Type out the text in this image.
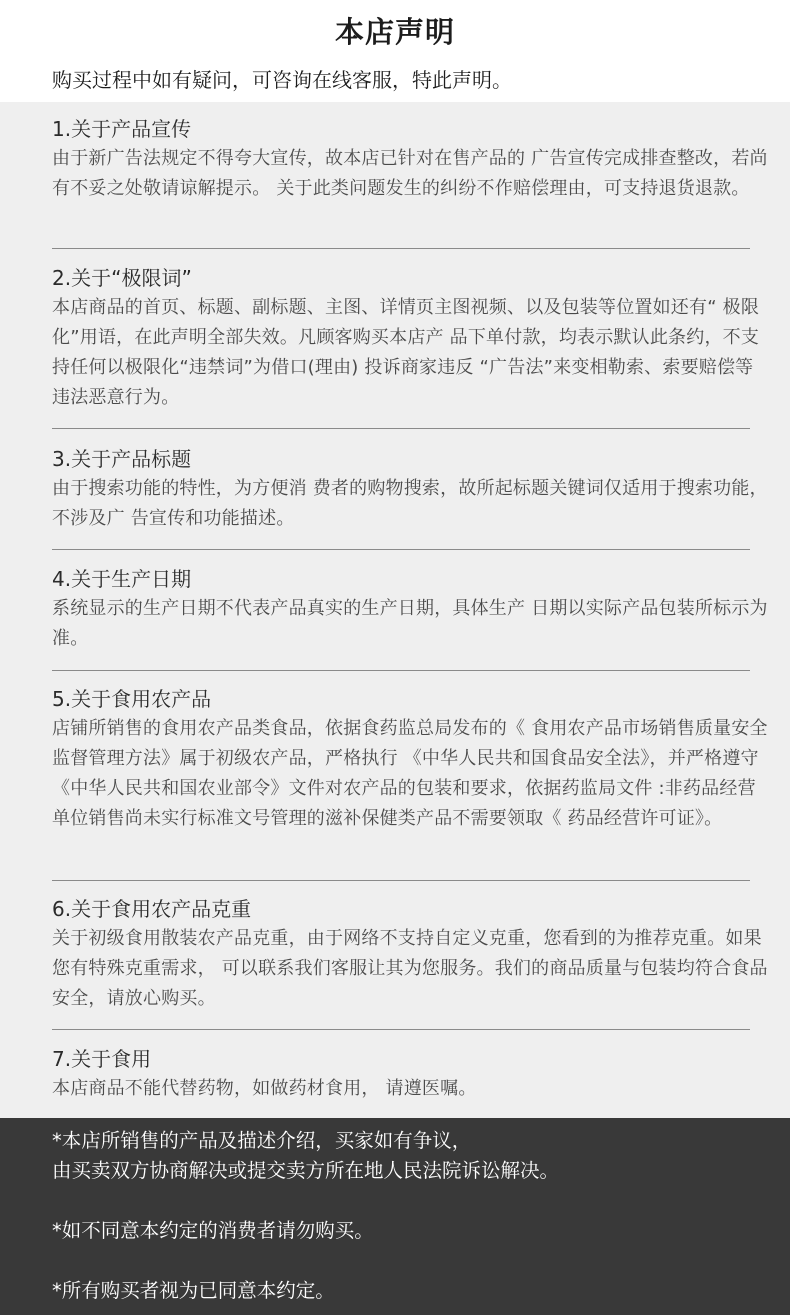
本店声明
购买过程中如有疑问，可咨询在线客服，特此声明。
1.关于产品宣传
由于新广告法规定不得夸大宣传，故本店已针对在售产品的 广告宣传完成排查整改，若尚有不妥之处敬请谅解提示。 关于此类问题发生的纠纷不作赔偿理由，可支持退货退款。
2.关于“极限词”
本店商品的首页、标题、副标题、主图、详情页主图视频、以及包装等位置如还有“ 极限化”用语，在此声明全部失效。凡顾客购买本店产 品下单付款，均表示默认此条约，不支持任何以极限化“违禁词”为借口(理由) 投诉商家违反 “广告法”来变相勒索、索要赔偿等 违法恶意行为。
3.关于产品标题
由于搜索功能的特性，为方便消 费者的购物搜索，故所起标题关键词仅适用于搜索功能，不涉及广 告宣传和功能描述。
4.关于生产日期
系统显示的生产日期不代表产品真实的生产日期，具体生产 日期以实际产品包装所标示为准。
5.关于食用农产品
店铺所销售的食用农产品类食品，依据食药监总局发布的《 食用农产品市场销售质量安全监督管理方法》属于初级农产品，严格执行 《中华人民共和国食品安全法》，并严格遵守《中华人民共和国农业部令》文件对农产品的包装和要求，依据药监局文件 :非药品经营单位销售尚未实行标准文号管理的滋补保健类产品不需要领取《 药品经营许可证》。
6.关于食用农产品克重
关于初级食用散装农产品克重，由于网络不支持自定义克重，您看到的为推荐克重。如果您有特殊克重需求， 可以联系我们客服让其为您服务。我们的商品质量与包装均符合食品安全，请放心购买。
7.关于食用
本店商品不能代替药物，如做药材食用， 请遵医嘱。
*本店所销售的产品及描述介绍，买家如有争议，
由买卖双方协商解决或提交卖方所在地人民法院诉讼解决。
*如不同意本约定的消费者请勿购买。
*所有购买者视为已同意本约定。
